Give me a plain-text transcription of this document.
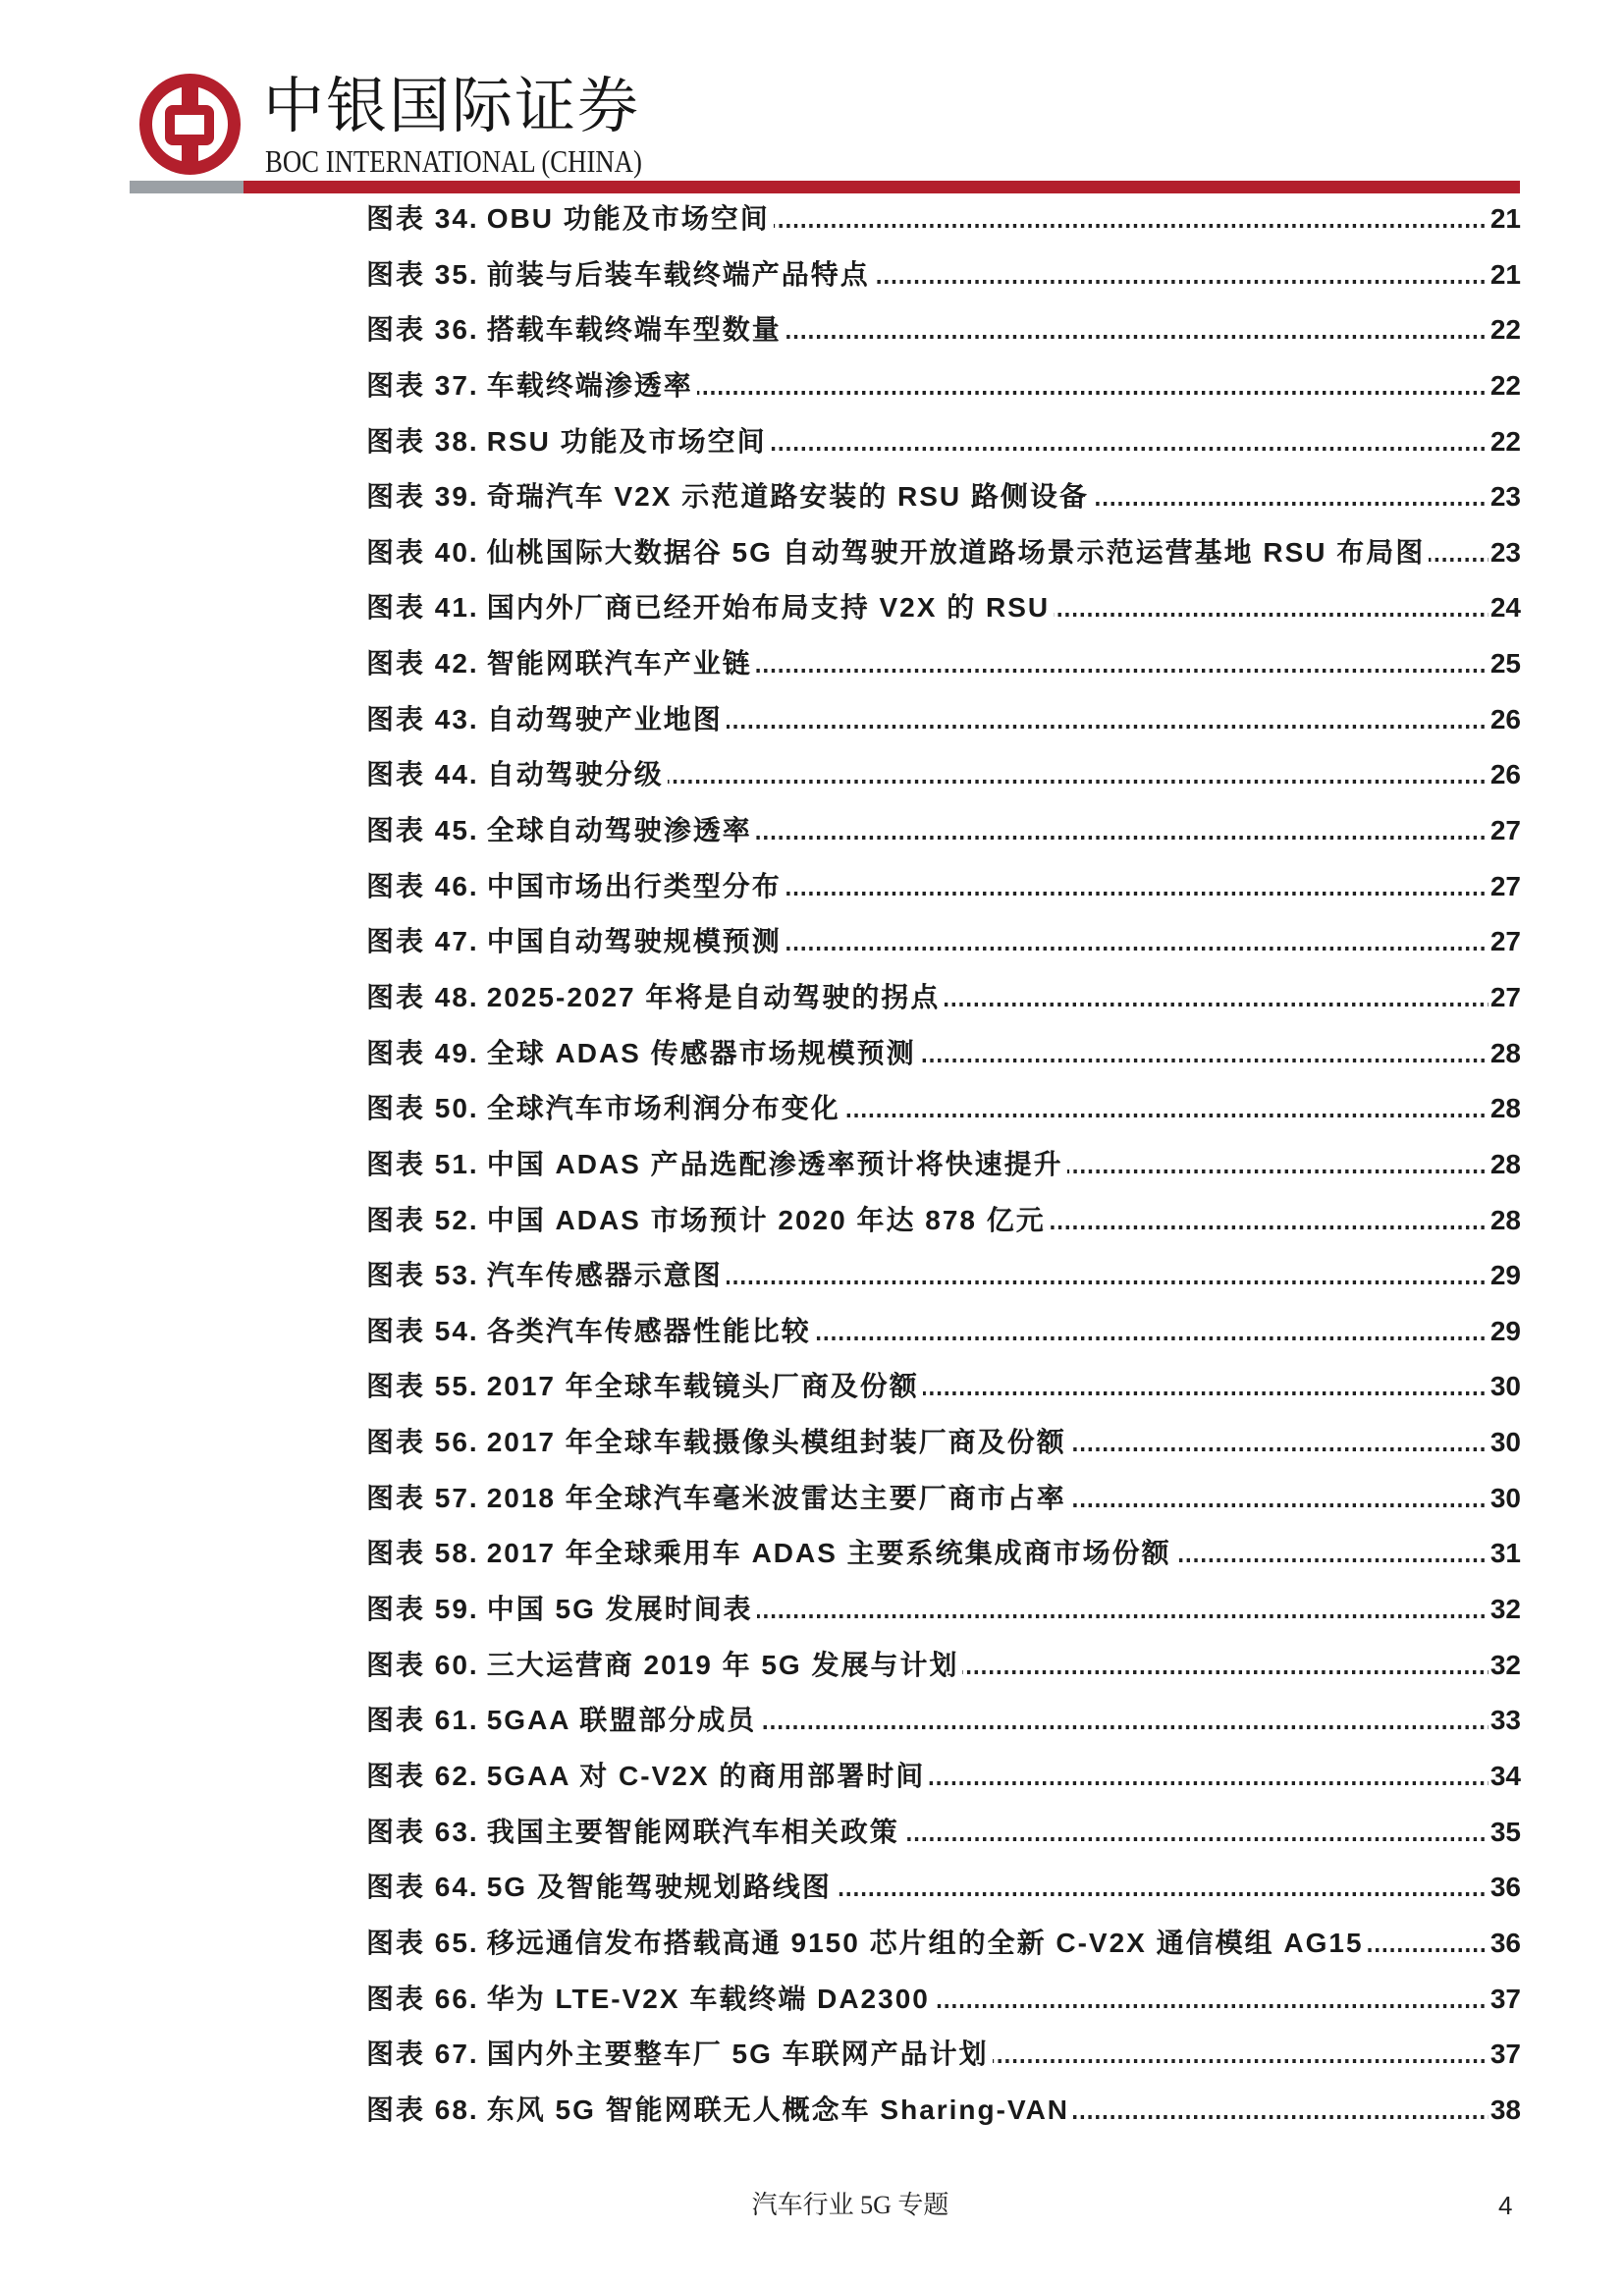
中银国际证券
BOC INTERNATIONAL (CHINA)
图表 34. OBU 功能及市场空间	21
图表 35. 前装与后装车载终端产品特点	21
图表 36. 搭载车载终端车型数量	22
图表 37. 车载终端渗透率	22
图表 38. RSU 功能及市场空间	22
图表 39. 奇瑞汽车 V2X 示范道路安装的 RSU 路侧设备	23
图表 40. 仙桃国际大数据谷 5G 自动驾驶开放道路场景示范运营基地 RSU 布局图 23
图表 41. 国内外厂商已经开始布局支持 V2X 的 RSU	24
图表 42. 智能网联汽车产业链	25
图表 43. 自动驾驶产业地图	26
图表 44. 自动驾驶分级	26
图表 45. 全球自动驾驶渗透率	27
图表 46. 中国市场出行类型分布	27
图表 47. 中国自动驾驶规模预测	27
图表 48. 2025-2027 年将是自动驾驶的拐点	27
图表 49. 全球 ADAS 传感器市场规模预测	28
图表 50. 全球汽车市场利润分布变化	28
图表 51. 中国 ADAS 产品选配渗透率预计将快速提升	28
图表 52. 中国 ADAS 市场预计 2020 年达 878 亿元	28
图表 53. 汽车传感器示意图	29
图表 54. 各类汽车传感器性能比较	29
图表 55. 2017 年全球车载镜头厂商及份额	30
图表 56. 2017 年全球车载摄像头模组封装厂商及份额	30
图表 57. 2018 年全球汽车毫米波雷达主要厂商市占率	30
图表 58. 2017 年全球乘用车 ADAS 主要系统集成商市场份额	31
图表 59. 中国 5G 发展时间表	32
图表 60. 三大运营商 2019 年 5G 发展与计划	32
图表 61. 5GAA 联盟部分成员	33
图表 62. 5GAA 对 C-V2X 的商用部署时间	34
图表 63. 我国主要智能网联汽车相关政策	35
图表 64. 5G 及智能驾驶规划路线图	36
图表 65. 移远通信发布搭载高通 9150 芯片组的全新 C-V2X 通信模组 AG15	36
图表 66. 华为 LTE-V2X 车载终端 DA2300	37
图表 67. 国内外主要整车厂 5G 车联网产品计划	37
图表 68. 东风 5G 智能网联无人概念车 Sharing-VAN	38
汽车行业 5G 专题	4
